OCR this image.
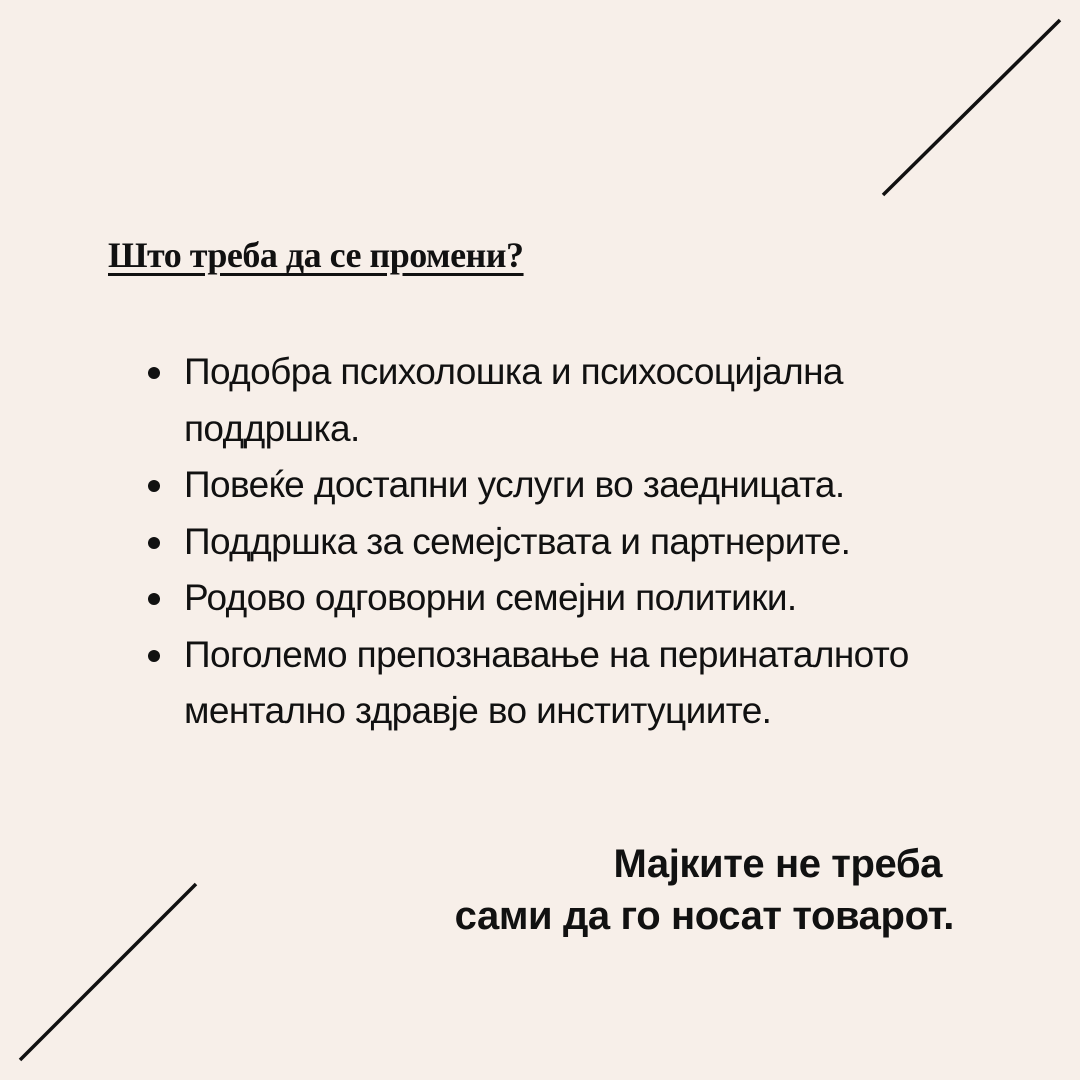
Што треба да се промени?
Подобра психолошка и психосоцијална поддршка.
Повеќе достапни услуги во заедницата.
Поддршка за семејствата и партнерите.
Родово одговорни семејни политики.
Поголемо препознавање на перинаталното ментално здравје во институциите.
Мајките не треба
сами да го носат товарот.
